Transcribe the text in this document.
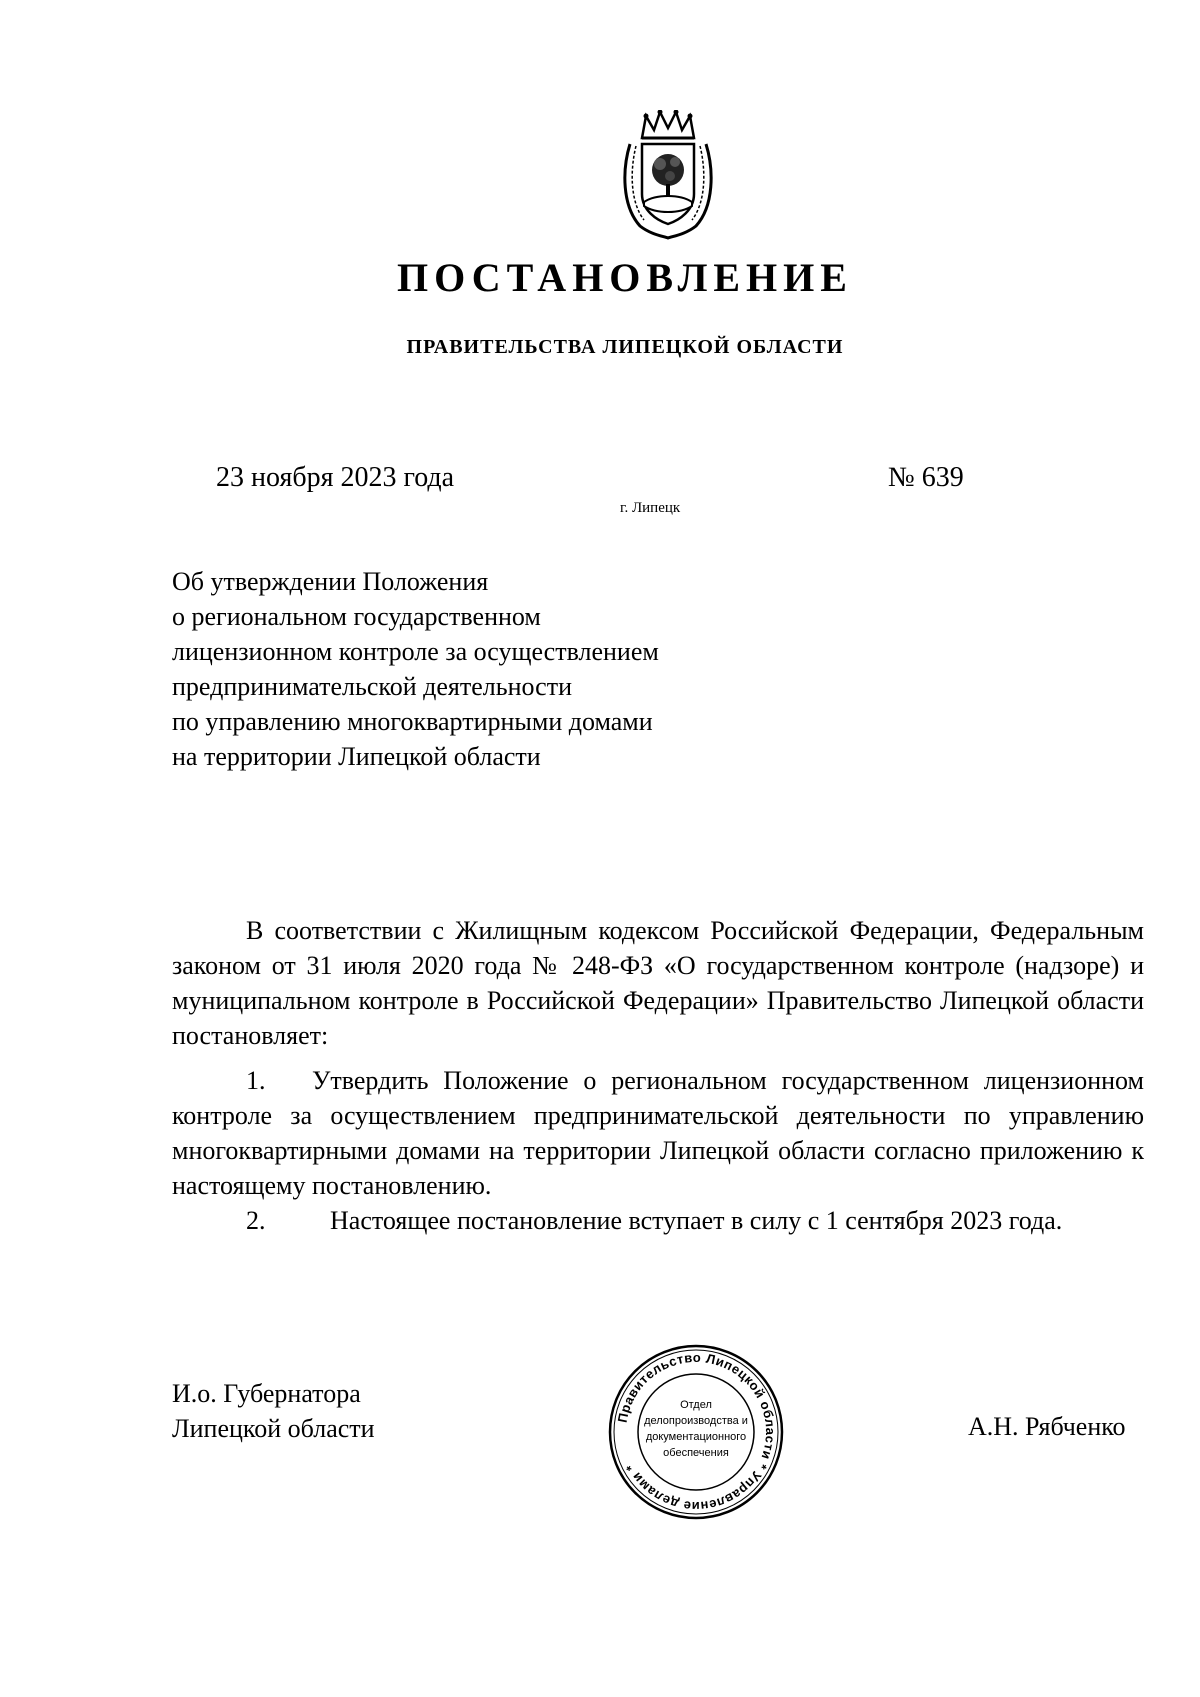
ПОСТАНОВЛЕНИЕ
ПРАВИТЕЛЬСТВА ЛИПЕЦКОЙ ОБЛАСТИ
23 ноября 2023 года	№ 639
г. Липецк
Об утверждении Положения
о региональном государственном
лицензионном контроле за осуществлением
предпринимательской деятельности
по управлению многоквартирными домами
на территории Липецкой области

В соответствии с Жилищным кодексом Российской Федерации, Федеральным законом от 31 июля 2020 года № 248-ФЗ «О государственном контроле (надзоре) и муниципальном контроле в Российской Федерации» Правительство Липецкой области постановляет:

1. Утвердить Положение о региональном государственном лицензионном контроле за осуществлением предпринимательской деятельности по управлению многоквартирными домами на территории Липецкой области согласно приложению к настоящему постановлению.

2. Настоящее постановление вступает в силу с 1 сентября 2023 года.

И.о. Губернатора
Липецкой области	А.Н. Рябченко
Правительство Липецкой области * Управление делами *
Отдел
делопроизводства и
документационного
обеспечения
